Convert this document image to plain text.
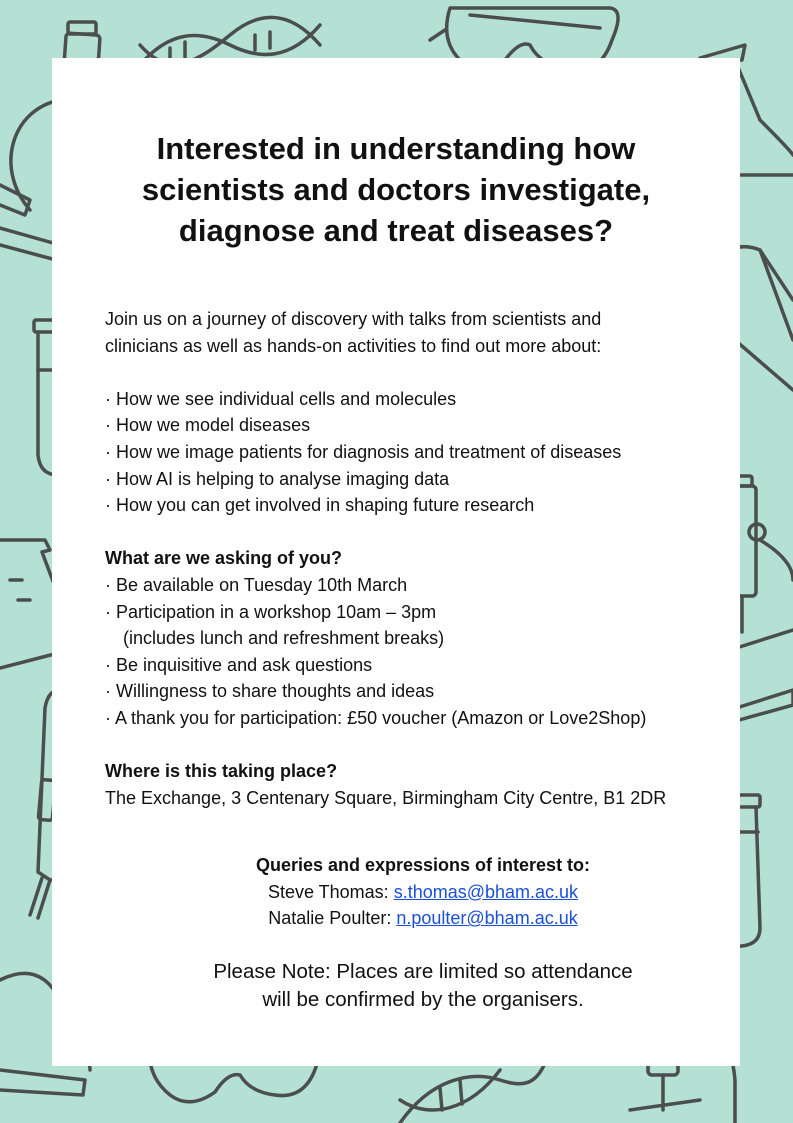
Interested in understanding how
scientists and doctors investigate,
diagnose and treat diseases?

Join us on a journey of discovery with talks from scientists and

clinicians as well as hands-on activities to find out more about:

· How we see individual cells and molecules

· How we model diseases

· How we image patients for diagnosis and treatment of diseases

· How AI is helping to analyse imaging data

· How you can get involved in shaping future research

What are we asking of you?

· Be available on Tuesday 10th March

· Participation in a workshop 10am – 3pm

(includes lunch and refreshment breaks)

· Be inquisitive and ask questions

· Willingness to share thoughts and ideas

· A thank you for participation: £50 voucher (Amazon or Love2Shop)

Where is this taking place?

The Exchange, 3 Centenary Square, Birmingham City Centre, B1 2DR

Queries and expressions of interest to:

Steve Thomas: s.thomas@bham.ac.uk

Natalie Poulter: n.poulter@bham.ac.uk

Please Note: Places are limited so attendance

will be confirmed by the organisers.
